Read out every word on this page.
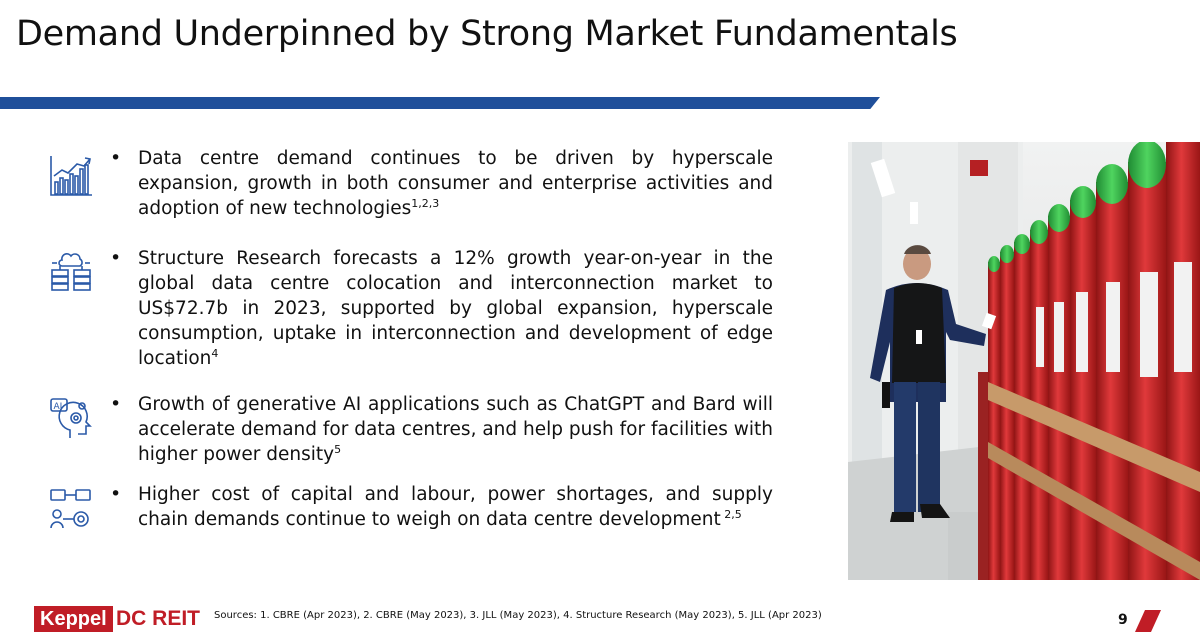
Demand Underpinned by Strong Market Fundamentals
• Data centre demand continues to be driven by hyperscale expansion, growth in both consumer and enterprise activities and adoption of new technologies$^{1,2,3}$

• Structure Research forecasts a 12% growth year-on-year in the global data centre colocation and interconnection market to US$72.7b in 2023, supported by global expansion, hyperscale consumption, uptake in interconnection and development of edge location$^4$

AI	• Growth of generative AI applications such as ChatGPT and Bard will accelerate demand for data centres, and help push for facilities with higher power density$^5$

• Higher cost of capital and labour, power shortages, and supply chain demands continue to weigh on data centre development $^{2,5}$

Keppel DC REIT Sources: 1. CBRE (Apr 2023), 2. CBRE (May 2023), 3. JLL (May 2023), 4. Structure Research (May 2023), 5. JLL (Apr 2023)	9
